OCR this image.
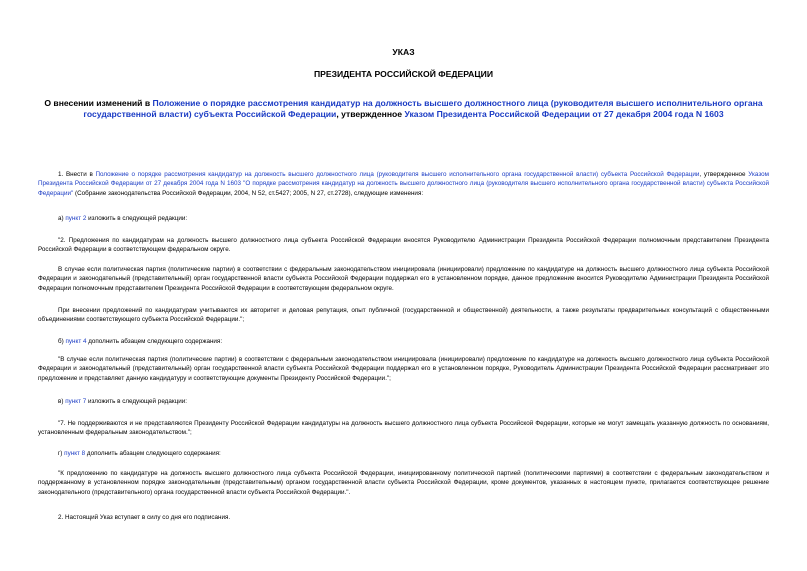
УКАЗ
ПРЕЗИДЕНТА РОССИЙСКОЙ ФЕДЕРАЦИИ
О внесении изменений в Положение о порядке рассмотрения кандидатур на должность высшего должностного лица (руководителя высшего исполнительного органа государственной власти) субъекта Российской Федерации, утвержденное Указом Президента Российской Федерации от 27 декабря 2004 года N 1603

1. Внести в Положение о порядке рассмотрения кандидатур на должность высшего должностного лица (руководителя высшего исполнительного органа государственной власти) субъекта Российской Федерации, утвержденное Указом Президента Российской Федерации от 27 декабря 2004 года N 1603 "О порядке рассмотрения кандидатур на должность высшего должностного лица (руководителя высшего исполнительного органа государственной власти) субъекта Российской Федерации" (Собрание законодательства Российской Федерации, 2004, N 52, ст.5427; 2005, N 27, ст.2728), следующие изменения:

а) пункт 2 изложить в следующей редакции:

"2. Предложения по кандидатурам на должность высшего должностного лица субъекта Российской Федерации вносятся Руководителю Администрации Президента Российской Федерации полномочным представителем Президента Российской Федерации в соответствующем федеральном округе.

В случае если политическая партия (политические партии) в соответствии с федеральным законодательством инициировала (инициировали) предложение по кандидатуре на должность высшего должностного лица субъекта Российской Федерации и законодательный (представительный) орган государственной власти субъекта Российской Федерации поддержал его в установленном порядке, данное предложение вносится Руководителю Администрации Президента Российской Федерации полномочным представителем Президента Российской Федерации в соответствующем федеральном округе.

При внесении предложений по кандидатурам учитываются их авторитет и деловая репутация, опыт публичной (государственной и общественной) деятельности, а также результаты предварительных консультаций с общественными объединениями соответствующего субъекта Российской Федерации.";

б) пункт 4 дополнить абзацем следующего содержания:

"В случае если политическая партия (политические партии) в соответствии с федеральным законодательством инициировала (инициировали) предложение по кандидатуре на должность высшего должностного лица субъекта Российской Федерации и законодательный (представительный) орган государственной власти субъекта Российской Федерации поддержал его в установленном порядке, Руководитель Администрации Президента Российской Федерации рассматривает это предложение и представляет данную кандидатуру и соответствующие документы Президенту Российской Федерации.";

в) пункт 7 изложить в следующей редакции:

"7. Не поддерживаются и не представляются Президенту Российской Федерации кандидатуры на должность высшего должностного лица субъекта Российской Федерации, которые не могут замещать указанную должность по основаниям, установленным федеральным законодательством.";

г) пункт 8 дополнить абзацем следующего содержания:

"К предложению по кандидатуре на должность высшего должностного лица субъекта Российской Федерации, инициированному политической партией (политическими партиями) в соответствии с федеральным законодательством и поддержанному в установленном порядке законодательным (представительным) органом государственной власти субъекта Российской Федерации, кроме документов, указанных в настоящем пункте, прилагается соответствующее решение законодательного (представительного) органа государственной власти субъекта Российской Федерации.".

2. Настоящий Указ вступает в силу со дня его подписания.
